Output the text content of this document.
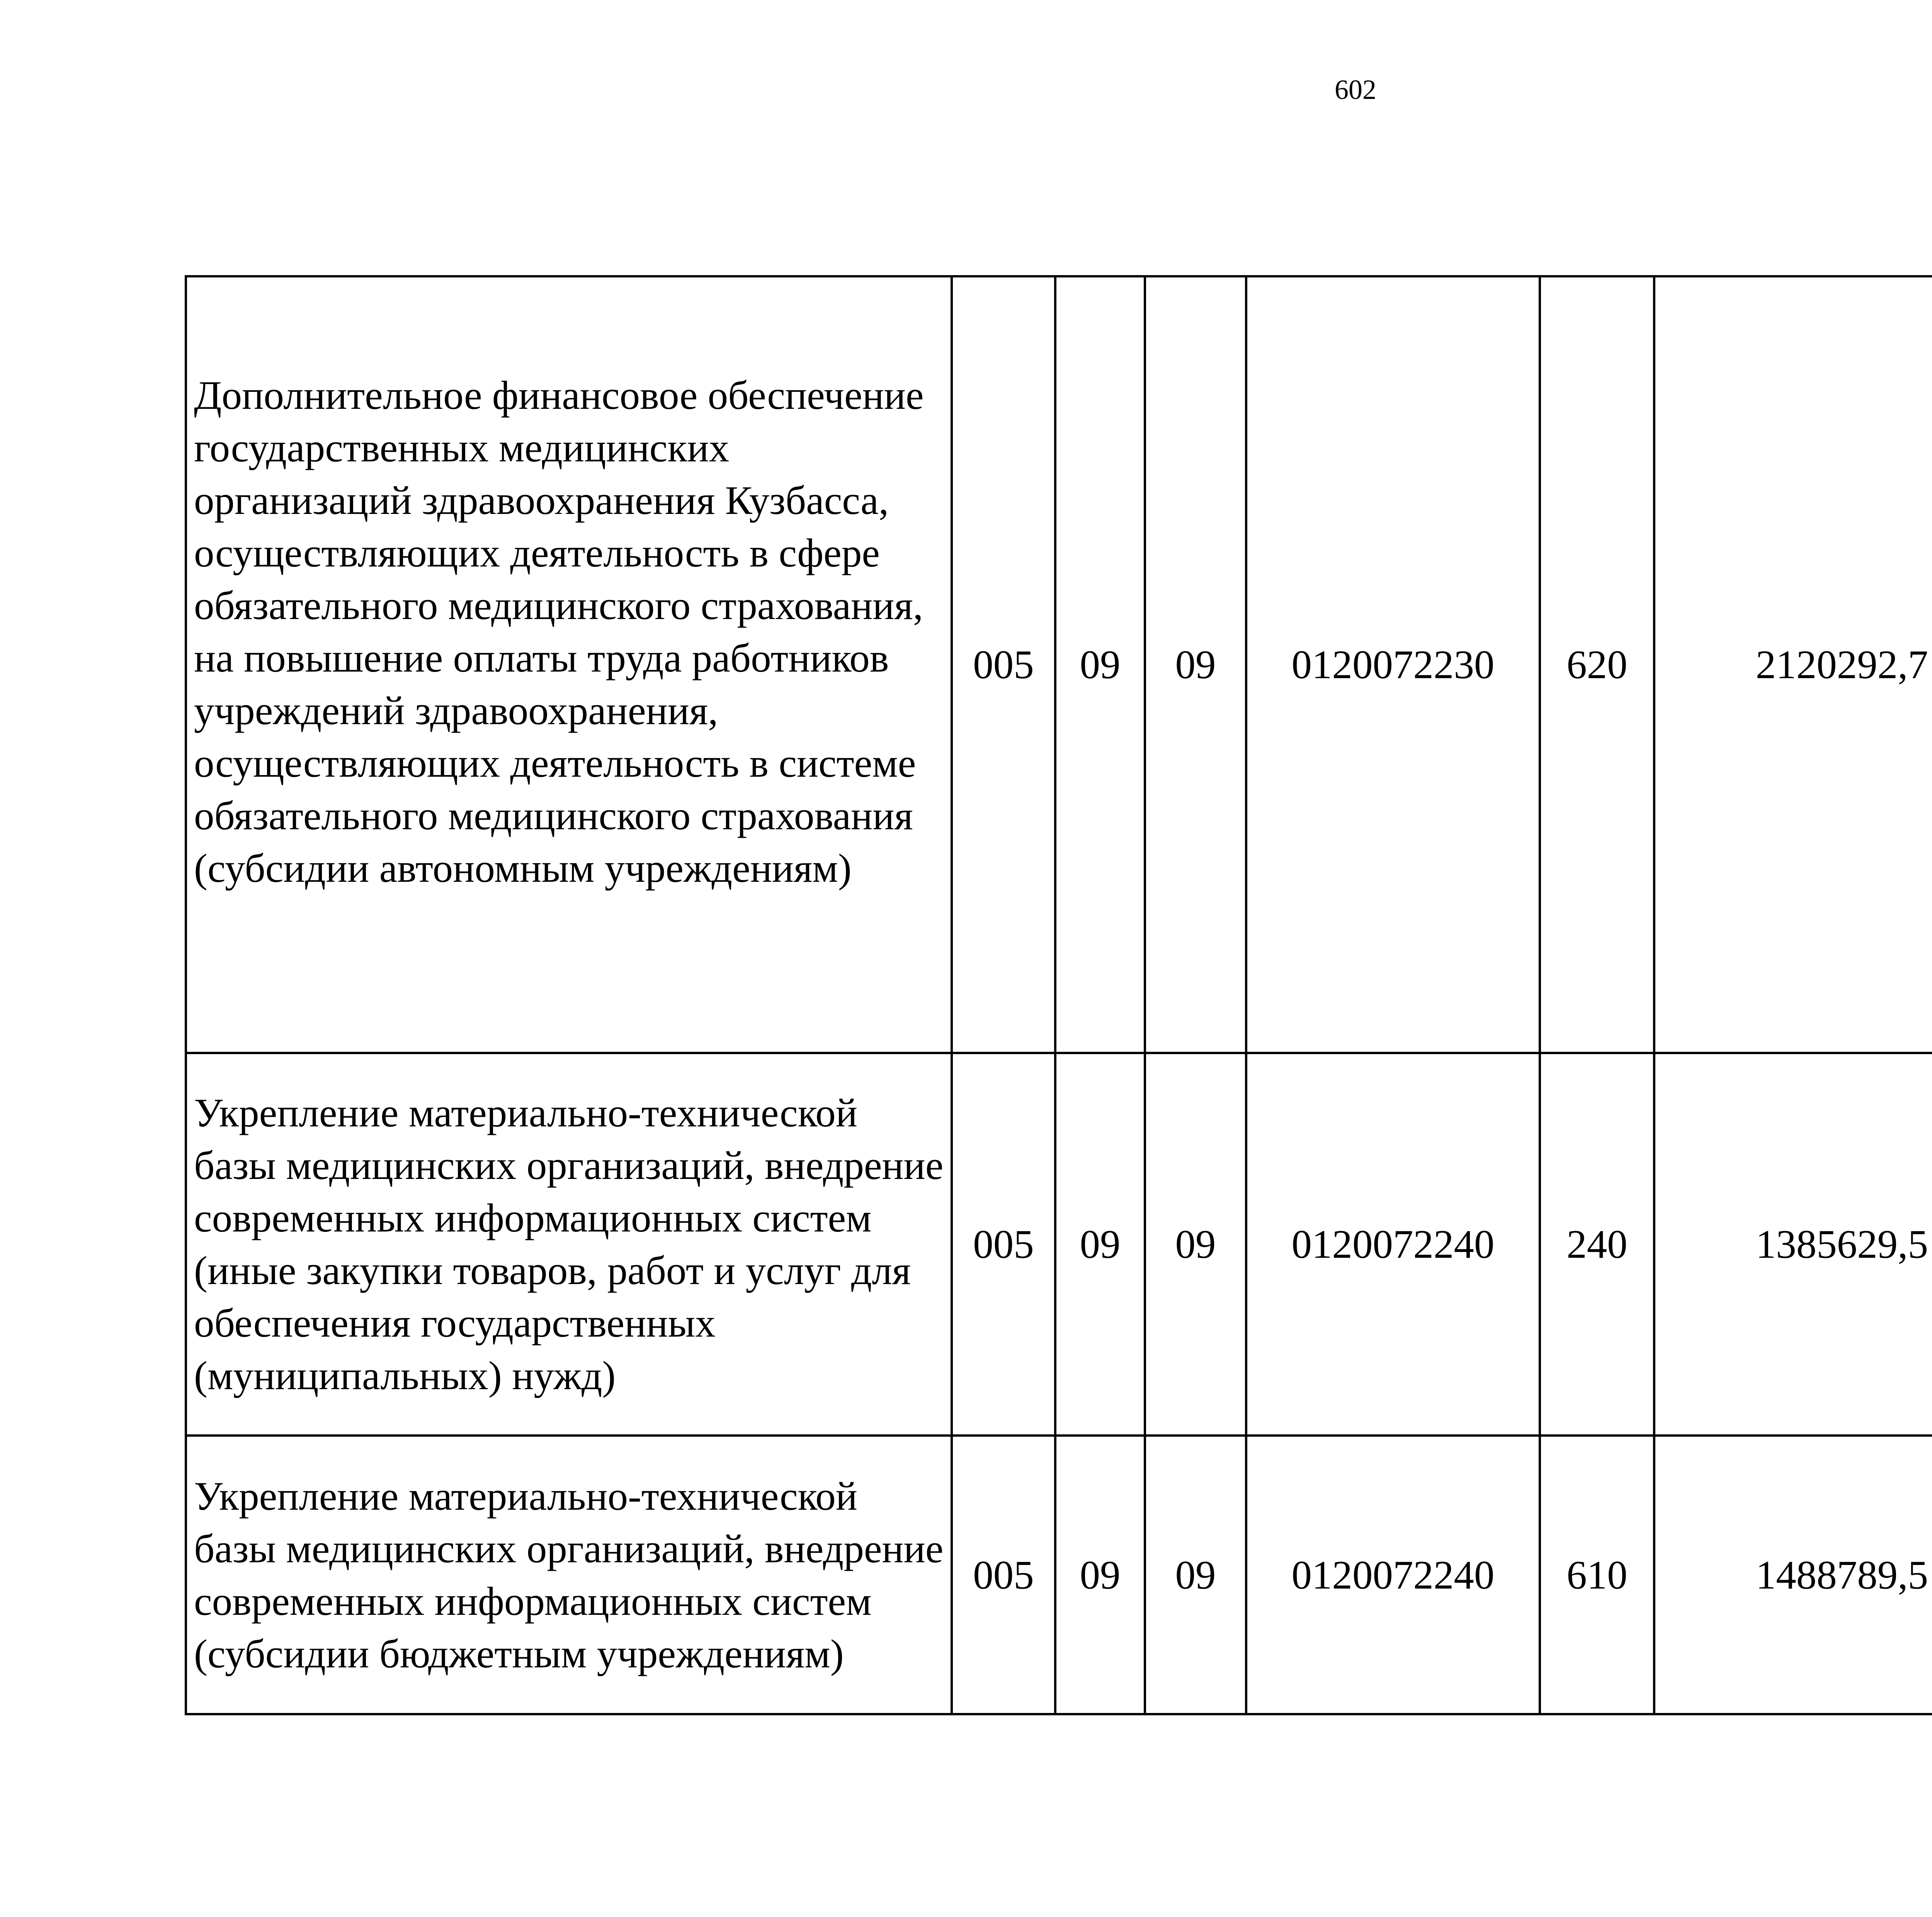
602
Дополнительное финансовое обеспечение государственных медицинских организаций здравоохранения Кузбасса, осуществляющих деятельность в сфере обязательного медицинского страхования, на повышение оплаты труда работников учреждений здравоохранения, осуществляющих деятельность в системе обязательного медицинского страхования (субсидии автономным учреждениям)	005	09	09	0120072230	620	2120292,7		
Укрепление материально-технической базы медицинских организаций, внедрение современных информационных систем (иные закупки товаров, работ и услуг для обеспечения государственных (муниципальных) нужд)	005	09	09	0120072240	240	1385629,5		
Укрепление материально-технической базы медицинских организаций, внедрение современных информационных систем (субсидии бюджетным учреждениям)	005	09	09	0120072240	610	1488789,5		
